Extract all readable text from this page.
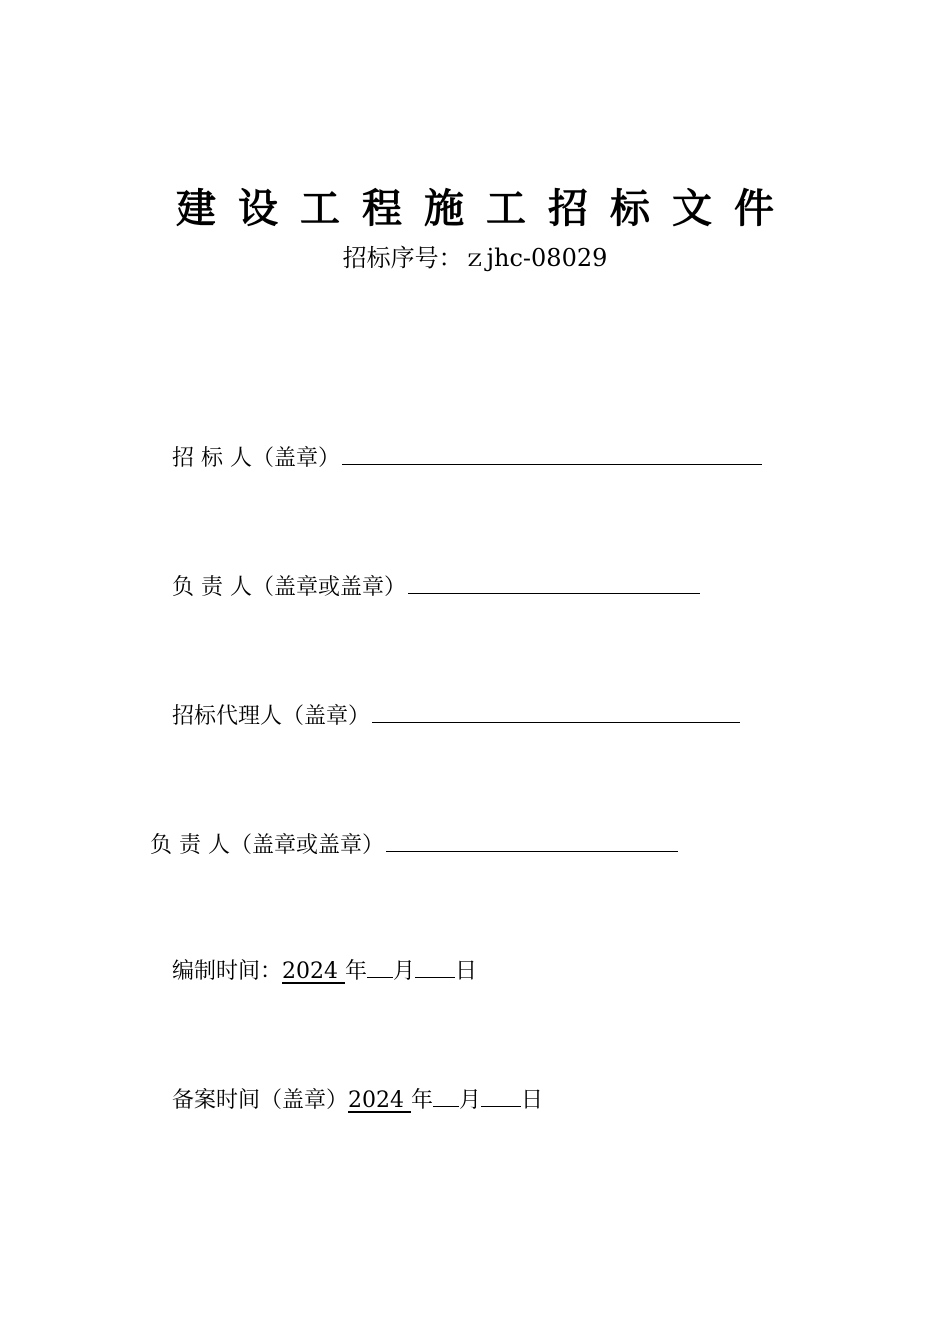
建设工程施工招标文件
招标序号：ｚjhc-08029
招 标 人（盖章）
负 责 人（盖章或盖章）
招标代理人（盖章）
负 责 人（盖章或盖章）
编制时间：2024 年 月 日
备案时间（盖章）2024 年 月 日
